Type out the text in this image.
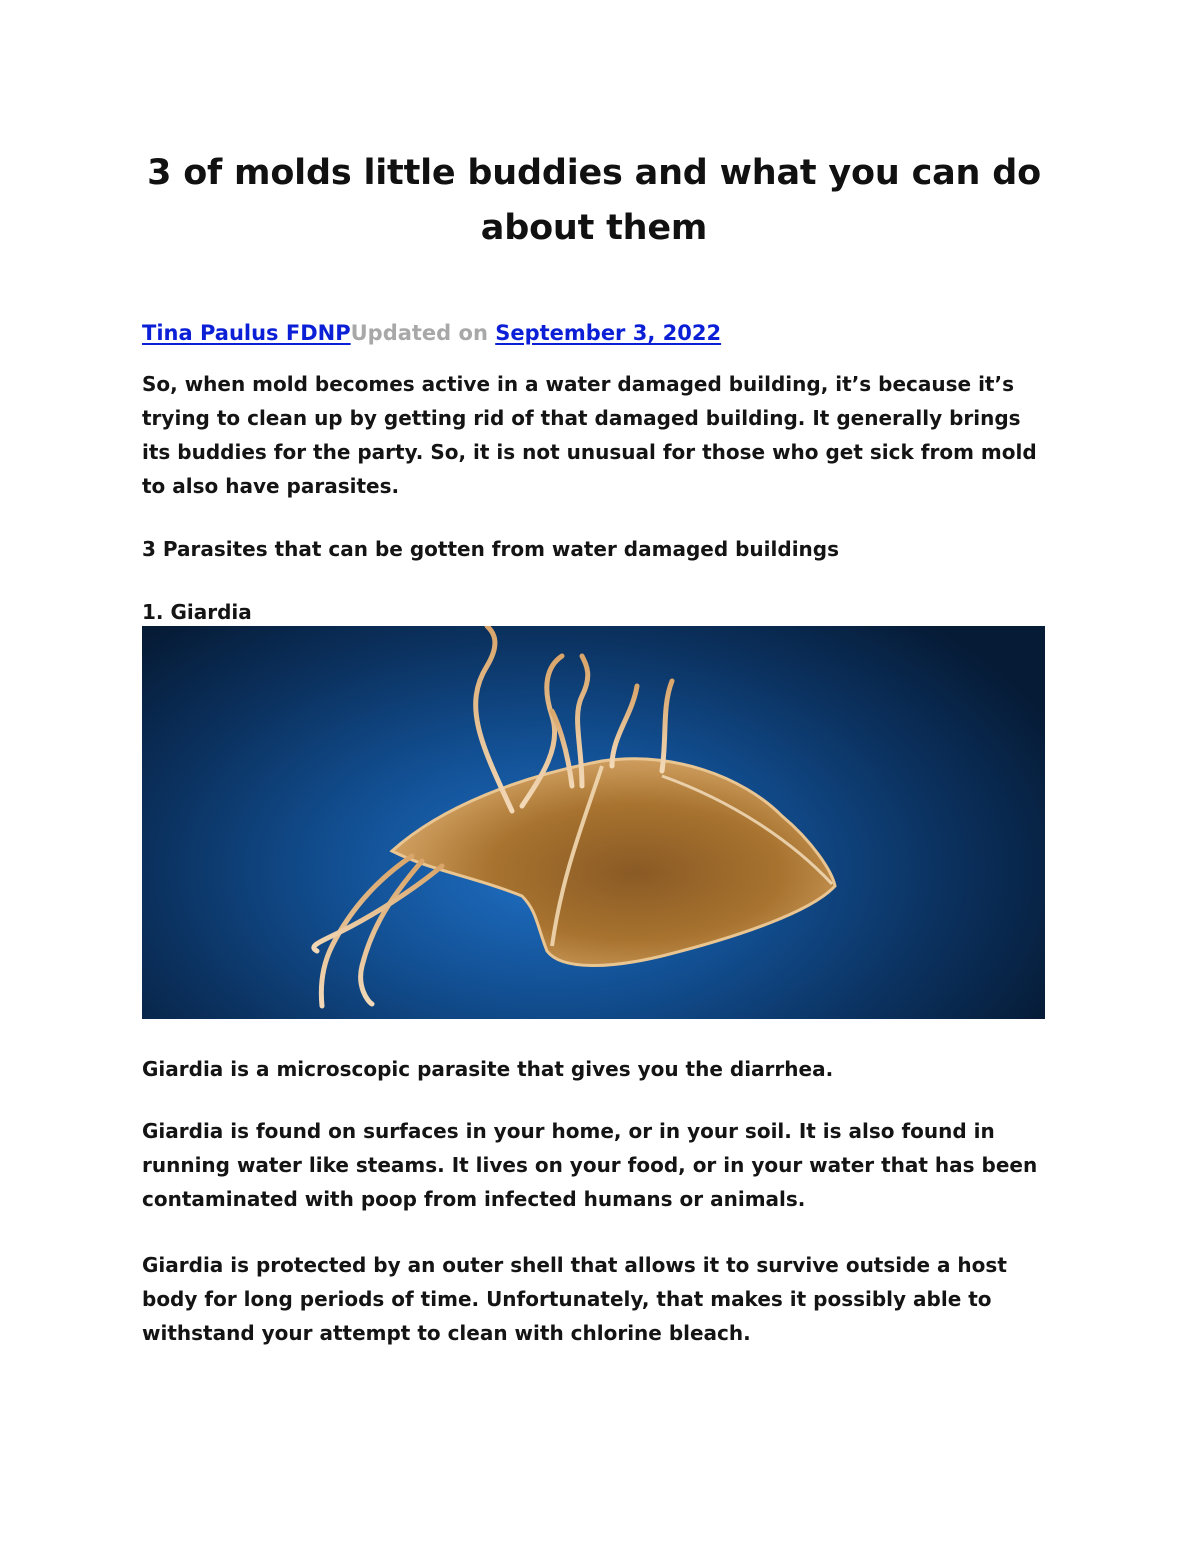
3 of molds little buddies and what you can do about them
Tina Paulus FDNPUpdated on September 3, 2022

So, when mold becomes active in a water damaged building, it’s because it’s trying to clean up by getting rid of that damaged building. It generally brings its buddies for the party. So, it is not unusual for those who get sick from mold to also have parasites.

3 Parasites that can be gotten from water damaged buildings

1. Giardia

Giardia is a microscopic parasite that gives you the diarrhea.

Giardia is found on surfaces in your home, or in your soil. It is also found in running water like steams. It lives on your food, or in your water that has been contaminated with poop from infected humans or animals.

Giardia is protected by an outer shell that allows it to survive outside a host body for long periods of time. Unfortunately, that makes it possibly able to withstand your attempt to clean with chlorine bleach.
